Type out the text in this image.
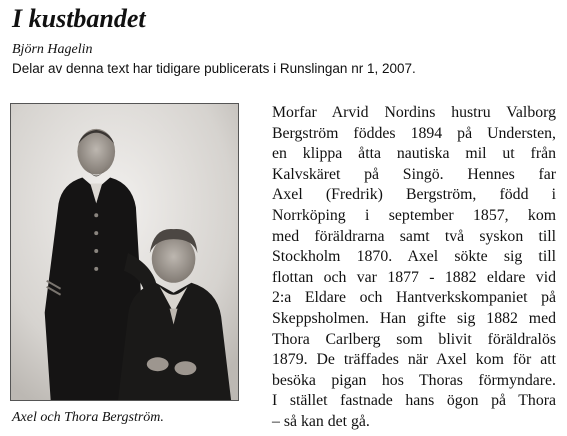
I kustbandet
Björn Hagelin
Delar av denna text har tidigare publicerats i Runslingan nr 1, 2007.
Axel och Thora Bergström.
Morfar Arvid Nordins hustru Valborg
Bergström föddes 1894 på Understen,
en klippa åtta nautiska mil ut från
Kalvskäret på Singö. Hennes far
Axel (Fredrik) Bergström, född i
Norrköping i september 1857, kom
med föräldrarna samt två syskon till
Stockholm 1870. Axel sökte sig till
flottan och var 1877 - 1882 eldare vid
2:a Eldare och Hantverkskompaniet på
Skeppsholmen. Han gifte sig 1882 med
Thora Carlberg som blivit föräldralös
1879. De träffades när Axel kom för att
besöka pigan hos Thoras förmyndare.
I stället fastnade hans ögon på Thora
– så kan det gå.
